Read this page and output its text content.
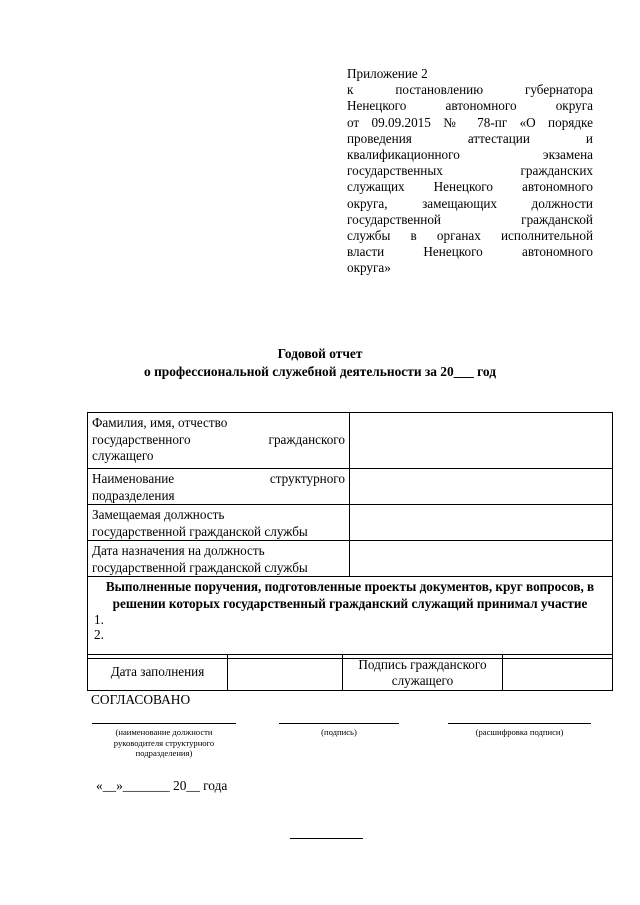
Приложение 2
к постановлению губернатора
Ненецкого автономного округа
от 09.09.2015 № 78-пг «О порядке
проведения аттестации и
квалификационного экзамена
государственных гражданских
служащих Ненецкого автономного
округа, замещающих должности
государственной гражданской
службы в органах исполнительной
власти Ненецкого автономного
округа»
Годовой отчет
о профессиональной служебной деятельности за 20___ год
Фамилия, имя, отчество
государственного гражданского
служащего	

Наименование структурного
подразделения	

Замещаемая должность
государственной гражданской службы	

Дата назначения на должность
государственной гражданской службы	

Выполненные поручения, подготовленные проекты документов, круг вопросов, в решении которых государственный гражданский служащий принимал участие
1.
2.	
Дата заполнения		Подпись гражданского служащего	
СОГЛАСОВАНО
(наименование должности руководителя структурного подразделения)
(подпись)	(расшифровка подписи)
«__»_______ 20__ года
